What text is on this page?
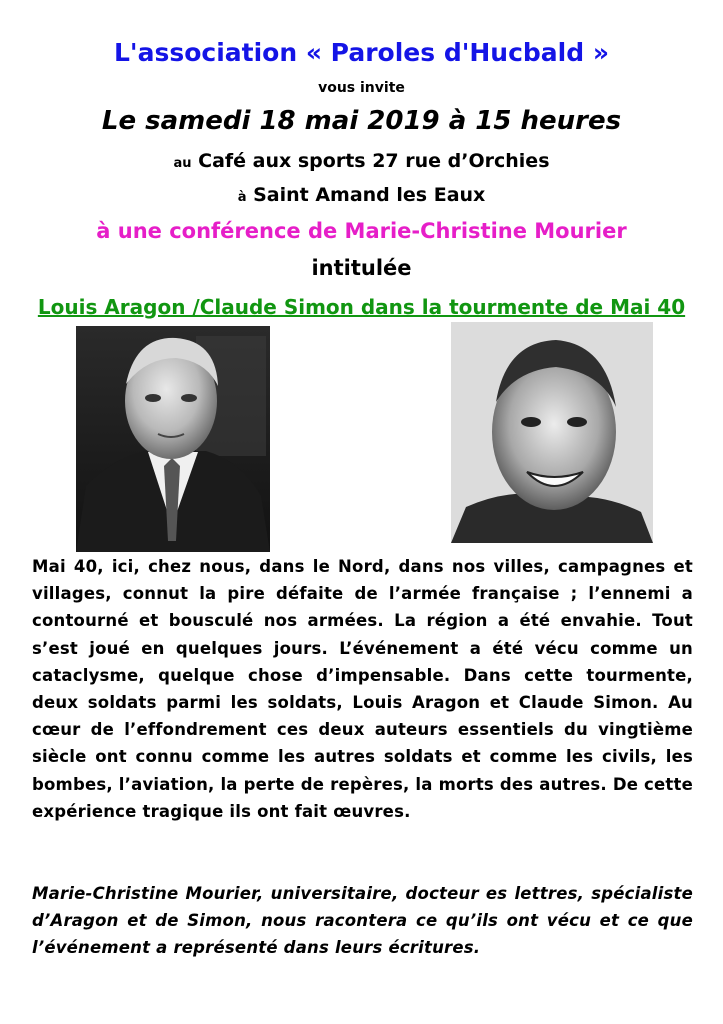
L'association « Paroles d'Hucbald »
vous invite
Le samedi 18 mai 2019 à 15 heures
au Café aux sports 27 rue d’Orchies
à Saint Amand les Eaux
à une conférence de Marie-Christine Mourier
intitulée
Louis Aragon /Claude Simon dans la tourmente de Mai 40
Mai 40, ici, chez nous, dans le Nord, dans nos villes, campagnes et villages, connut la pire défaite de l’armée française ; l’ennemi a contourné et bousculé nos armées. La région a été envahie. Tout s’est joué en quelques jours. L’événement a été vécu comme un cataclysme, quelque chose d’impensable. Dans cette tourmente, deux soldats parmi les soldats, Louis Aragon et Claude Simon. Au cœur de l’effondrement ces deux auteurs essentiels du vingtième siècle ont connu comme les autres soldats et comme les civils, les bombes, l’aviation, la perte de repères, la morts des autres. De cette expérience tragique ils ont fait œuvres.
Marie-Christine Mourier, universitaire, docteur es lettres, spécialiste d’Aragon et de Simon, nous racontera ce qu’ils ont vécu et ce que l’événement a représenté dans leurs écritures.
